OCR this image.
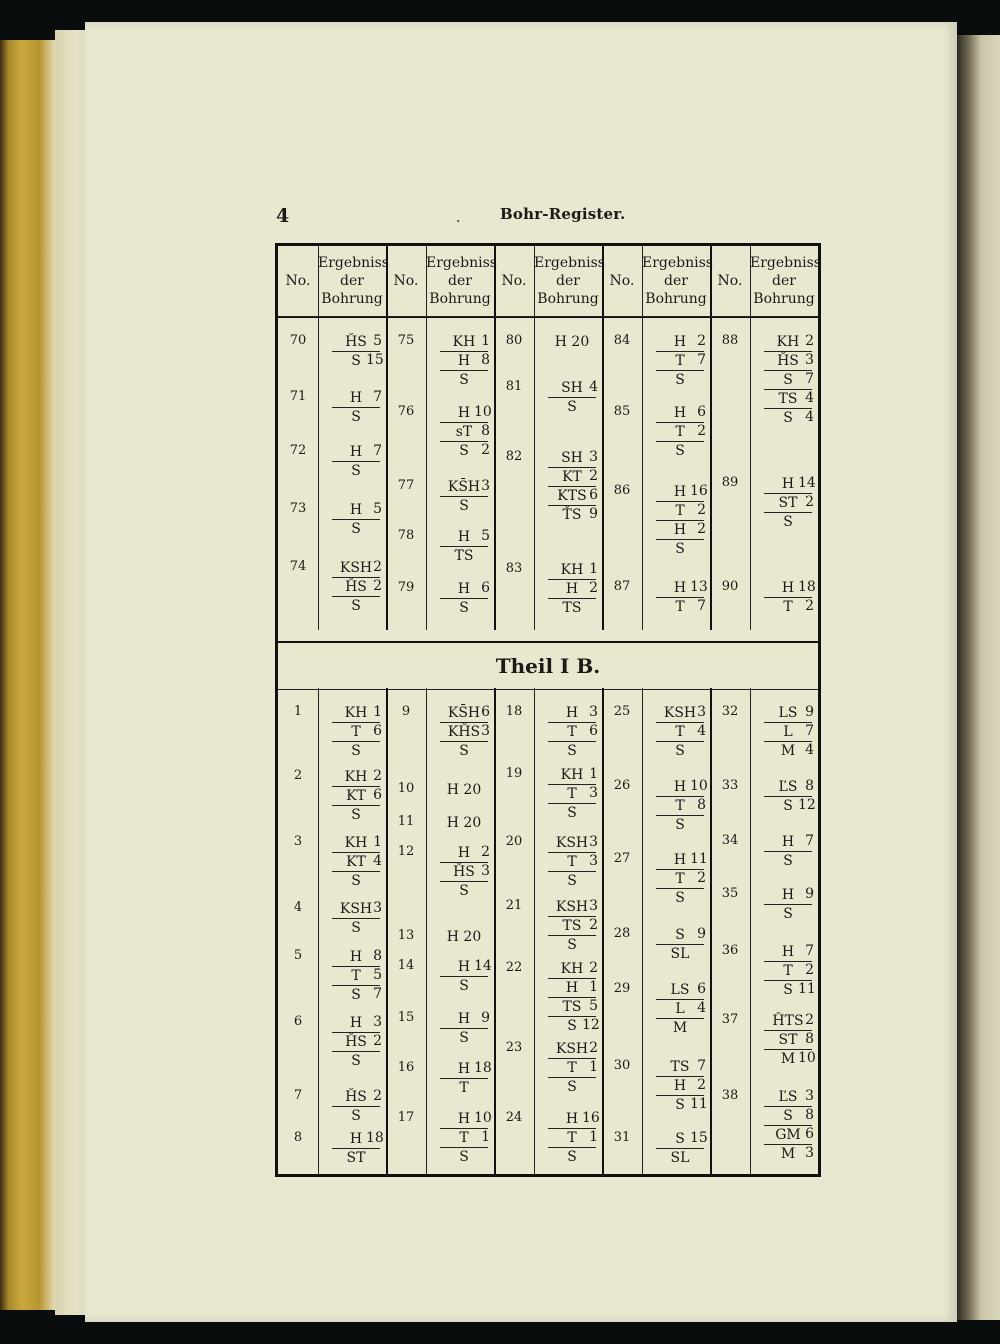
4	.	Bohr-Register.
No.
Ergebniss
der
Bohrung
No.
Ergebniss
der
Bohrung
No.
Ergebniss
der
Bohrung
No.
Ergebniss
der
Bohrung
No.
Ergebniss
der
Bohrung
70	ȞS 5
S 15
71	H 7
S
72	H 7
S
73	H 5
S
74	KSH 2
ȞS 2
S
75	KH 1
H 8
S
76	H 10
sT 8
S 2
77	KS̄H 3
S
78	H 5
TS
79	H 6
S
80	H 20
81	SH 4
S
82	SH 3
KT 2
KTS 6
ŤS 9
83	KH 1
H 2
TS
84	H 2
T 7
S
85	H 6
T 2
S
86	H 16
T 2
H 2
S
87	H 13
T 7
88	KH 2
ȞS 3
S 7
TS 4
S 4
89	H 14
ST 2
S
90	H 18
T 2
Theil I B.
1	KH 1
T 6
S
2	KH 2
KT 6
S
3	KH 1
KT 4
S
4	KSH 3
S
5	H 8
T 5
S 7
6	H 3
ȞS 2
S
7	ȞS 2
S
8	H 18
ST
9	KS̄H 6
KȞS 3
S
10	H 20
11	H 20
12	H 2
ȞS 3
S
13	H 20
14	H 14
S
15	H 9
S
16	H 18
T
17	H 10
T 1
S
18	H 3
T 6
S
19	KH 1
T 3
S
20	KSH 3
T 3
S
21	KSH 3
TS 2
S
22	KH 2
H 1
TS 5
S 12
23	KSH 2
T 1
S
24	H 16
T 1
S
25	KSH 3
T 4
S
26	H 10
T 8
S
27	H 11
T 2
S
28	S 9
SL
29	LS 6
L 4
M
30	TS 7
H 2
S 11
31	S 15
SL
32	LS 9
L 7
M 4
33	ĽS 8
S 12
34	H 7
S
35	H 9
S
36	H 7
T 2
S 11
37	ȞTS 2
ST 8
M 10
38	ĽS 3
S 8
GM 6
M 3
